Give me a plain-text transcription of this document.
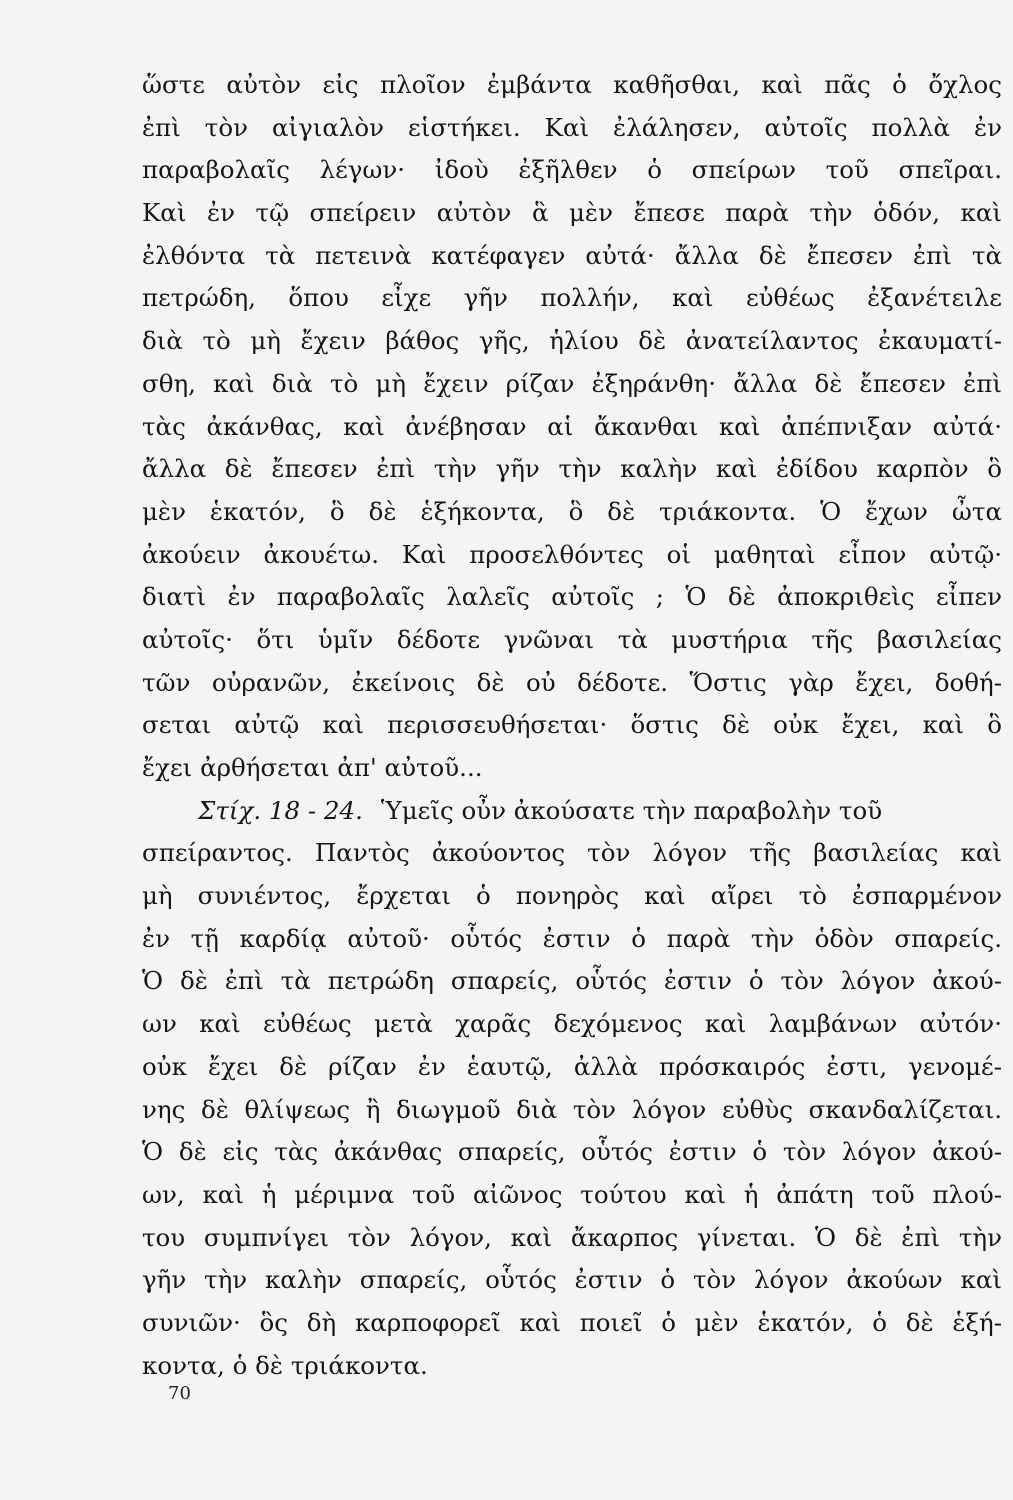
ὥστε αὐτὸν εἰς πλοῖον ἐμβάντα καθῆσθαι, καὶ πᾶς ὁ ὄχλος
ἐπὶ τὸν αἰγιαλὸν εἱστήκει. Καὶ ἐλάλησεν, αὐτοῖς πολλὰ ἐν
παραβολαῖς λέγων· ἰδοὺ ἐξῆλθεν ὁ σπείρων τοῦ σπεῖραι.
Καὶ ἐν τῷ σπείρειν αὐτὸν ἃ μὲν ἔπεσε παρὰ τὴν ὁδόν, καὶ
ἐλθόντα τὰ πετεινὰ κατέφαγεν αὐτά· ἄλλα δὲ ἔπεσεν ἐπὶ τὰ
πετρώδη, ὅπου εἶχε γῆν πολλήν, καὶ εὐθέως ἐξανέτειλε
διὰ τὸ μὴ ἔχειν βάθος γῆς, ἡλίου δὲ ἀνατείλαντος ἐκαυματί-
σθη, καὶ διὰ τὸ μὴ ἔχειν ρίζαν ἐξηράνθη· ἄλλα δὲ ἔπεσεν ἐπὶ
τὰς ἀκάνθας, καὶ ἀνέβησαν αἱ ἄκανθαι καὶ ἀπέπνιξαν αὐτά·
ἄλλα δὲ ἔπεσεν ἐπὶ τὴν γῆν τὴν καλὴν καὶ ἐδίδου καρπὸν ὃ
μὲν ἑκατόν, ὃ δὲ ἑξήκοντα, ὃ δὲ τριάκοντα. Ὁ ἔχων ὦτα
ἀκούειν ἀκουέτω. Καὶ προσελθόντες οἱ μαθηταὶ εἶπον αὐτῷ·
διατὶ ἐν παραβολαῖς λαλεῖς αὐτοῖς ; Ὁ δὲ ἀποκριθεὶς εἶπεν
αὐτοῖς· ὅτι ὑμῖν δέδοτε γνῶναι τὰ μυστήρια τῆς βασιλείας
τῶν οὐρανῶν, ἐκείνοις δὲ οὐ δέδοτε. Ὅστις γὰρ ἔχει, δοθή-
σεται αὐτῷ καὶ περισσευθήσεται· ὅστις δὲ οὐκ ἔχει, καὶ ὃ
ἔχει ἀρθήσεται ἀπ' αὐτοῦ...
Στίχ. 18 - 24. Ὑμεῖς οὖν ἀκούσατε τὴν παραβολὴν τοῦ
σπείραντος. Παντὸς ἀκούοντος τὸν λόγον τῆς βασιλείας καὶ
μὴ συνιέντος, ἔρχεται ὁ πονηρὸς καὶ αἴρει τὸ ἐσπαρμένον
ἐν τῇ καρδίᾳ αὐτοῦ· οὗτός ἐστιν ὁ παρὰ τὴν ὁδὸν σπαρείς.
Ὁ δὲ ἐπὶ τὰ πετρώδη σπαρείς, οὗτός ἐστιν ὁ τὸν λόγον ἀκού-
ων καὶ εὐθέως μετὰ χαρᾶς δεχόμενος καὶ λαμβάνων αὐτόν·
οὐκ ἔχει δὲ ρίζαν ἐν ἑαυτῷ, ἀλλὰ πρόσκαιρός ἐστι, γενομέ-
νης δὲ θλίψεως ἢ διωγμοῦ διὰ τὸν λόγον εὐθὺς σκανδαλίζεται.
Ὁ δὲ εἰς τὰς ἀκάνθας σπαρείς, οὗτός ἐστιν ὁ τὸν λόγον ἀκού-
ων, καὶ ἡ μέριμνα τοῦ αἰῶνος τούτου καὶ ἡ ἀπάτη τοῦ πλού-
του συμπνίγει τὸν λόγον, καὶ ἄκαρπος γίνεται. Ὁ δὲ ἐπὶ τὴν
γῆν τὴν καλὴν σπαρείς, οὗτός ἐστιν ὁ τὸν λόγον ἀκούων καὶ
συνιῶν· ὃς δὴ καρποφορεῖ καὶ ποιεῖ ὁ μὲν ἑκατόν, ὁ δὲ ἑξή-
κοντα, ὁ δὲ τριάκοντα.
70
